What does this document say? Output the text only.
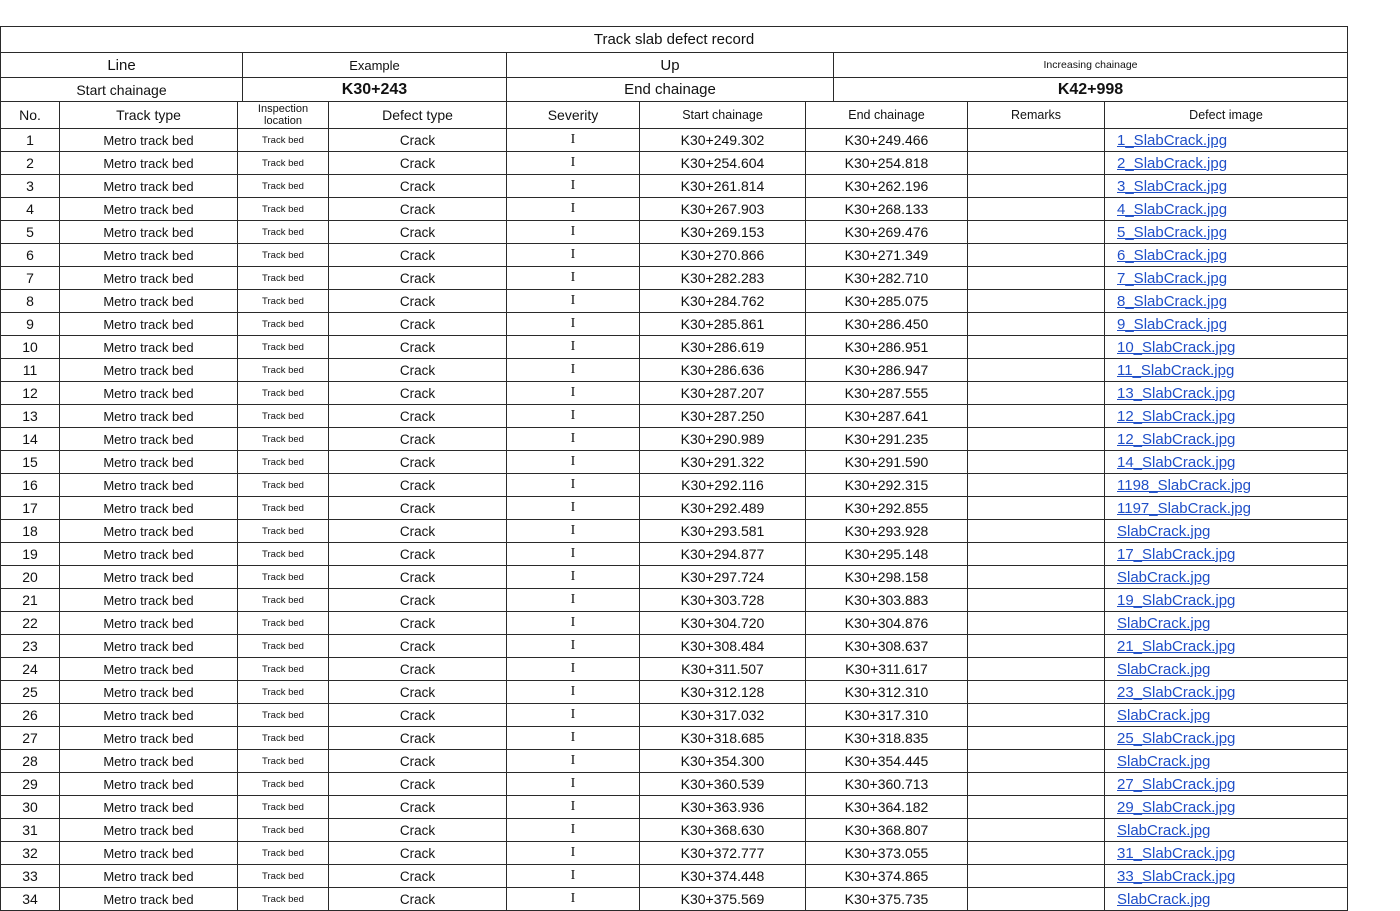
Track slab defect record			
Line	Example	Up	Increasing chainage
Start chainage	K30+243	End chainage	K42+998
No.	Track type	Inspection location	Defect type	Severity	Start chainage	End chainage	Remarks	Defect image
1	Metro track bed	Track bed	Crack	I	K30+249.302	K30+249.466		1_SlabCrack.jpg
2	Metro track bed	Track bed	Crack	I	K30+254.604	K30+254.818		2_SlabCrack.jpg
3	Metro track bed	Track bed	Crack	I	K30+261.814	K30+262.196		3_SlabCrack.jpg
4	Metro track bed	Track bed	Crack	I	K30+267.903	K30+268.133		4_SlabCrack.jpg
5	Metro track bed	Track bed	Crack	I	K30+269.153	K30+269.476		5_SlabCrack.jpg
6	Metro track bed	Track bed	Crack	I	K30+270.866	K30+271.349		6_SlabCrack.jpg
7	Metro track bed	Track bed	Crack	I	K30+282.283	K30+282.710		7_SlabCrack.jpg
8	Metro track bed	Track bed	Crack	I	K30+284.762	K30+285.075		8_SlabCrack.jpg
9	Metro track bed	Track bed	Crack	I	K30+285.861	K30+286.450		9_SlabCrack.jpg
10	Metro track bed	Track bed	Crack	I	K30+286.619	K30+286.951		10_SlabCrack.jpg
11	Metro track bed	Track bed	Crack	I	K30+286.636	K30+286.947		11_SlabCrack.jpg
12	Metro track bed	Track bed	Crack	I	K30+287.207	K30+287.555		13_SlabCrack.jpg
13	Metro track bed	Track bed	Crack	I	K30+287.250	K30+287.641		12_SlabCrack.jpg
14	Metro track bed	Track bed	Crack	I	K30+290.989	K30+291.235		12_SlabCrack.jpg
15	Metro track bed	Track bed	Crack	I	K30+291.322	K30+291.590		14_SlabCrack.jpg
16	Metro track bed	Track bed	Crack	I	K30+292.116	K30+292.315		1198_SlabCrack.jpg
17	Metro track bed	Track bed	Crack	I	K30+292.489	K30+292.855		1197_SlabCrack.jpg
18	Metro track bed	Track bed	Crack	I	K30+293.581	K30+293.928		SlabCrack.jpg
19	Metro track bed	Track bed	Crack	I	K30+294.877	K30+295.148		17_SlabCrack.jpg
20	Metro track bed	Track bed	Crack	I	K30+297.724	K30+298.158		SlabCrack.jpg
21	Metro track bed	Track bed	Crack	I	K30+303.728	K30+303.883		19_SlabCrack.jpg
22	Metro track bed	Track bed	Crack	I	K30+304.720	K30+304.876		SlabCrack.jpg
23	Metro track bed	Track bed	Crack	I	K30+308.484	K30+308.637		21_SlabCrack.jpg
24	Metro track bed	Track bed	Crack	I	K30+311.507	K30+311.617		SlabCrack.jpg
25	Metro track bed	Track bed	Crack	I	K30+312.128	K30+312.310		23_SlabCrack.jpg
26	Metro track bed	Track bed	Crack	I	K30+317.032	K30+317.310		SlabCrack.jpg
27	Metro track bed	Track bed	Crack	I	K30+318.685	K30+318.835		25_SlabCrack.jpg
28	Metro track bed	Track bed	Crack	I	K30+354.300	K30+354.445		SlabCrack.jpg
29	Metro track bed	Track bed	Crack	I	K30+360.539	K30+360.713		27_SlabCrack.jpg
30	Metro track bed	Track bed	Crack	I	K30+363.936	K30+364.182		29_SlabCrack.jpg
31	Metro track bed	Track bed	Crack	I	K30+368.630	K30+368.807		SlabCrack.jpg
32	Metro track bed	Track bed	Crack	I	K30+372.777	K30+373.055		31_SlabCrack.jpg
33	Metro track bed	Track bed	Crack	I	K30+374.448	K30+374.865		33_SlabCrack.jpg
34	Metro track bed	Track bed	Crack	I	K30+375.569	K30+375.735		SlabCrack.jpg
